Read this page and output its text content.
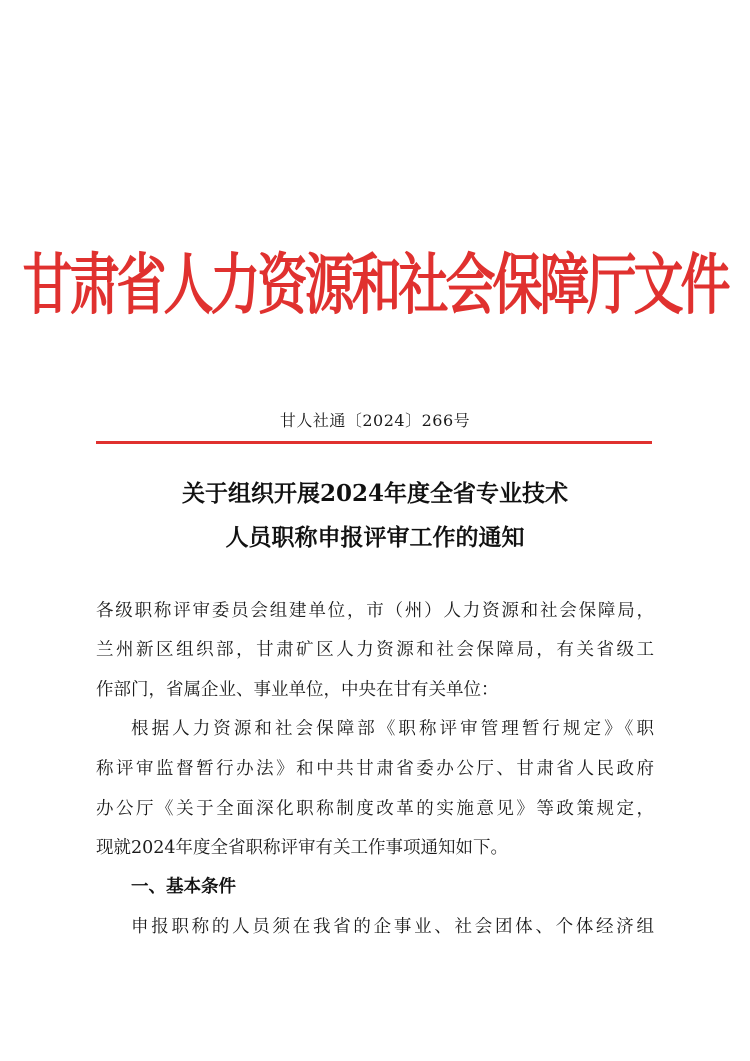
甘肃省人力资源和社会保障厅文件
甘人社通〔2024〕266号
关于组织开展2024年度全省专业技术
人员职称申报评审工作的通知
各级职称评审委员会组建单位，市（州）人力资源和社会保障局，
兰州新区组织部，甘肃矿区人力资源和社会保障局，有关省级工
作部门，省属企业、事业单位，中央在甘有关单位：
根据人力资源和社会保障部《职称评审管理暂行规定》《职
称评审监督暂行办法》和中共甘肃省委办公厅、甘肃省人民政府
办公厅《关于全面深化职称制度改革的实施意见》等政策规定，
现就2024年度全省职称评审有关工作事项通知如下。
一、基本条件
申报职称的人员须在我省的企事业、社会团体、个体经济组
